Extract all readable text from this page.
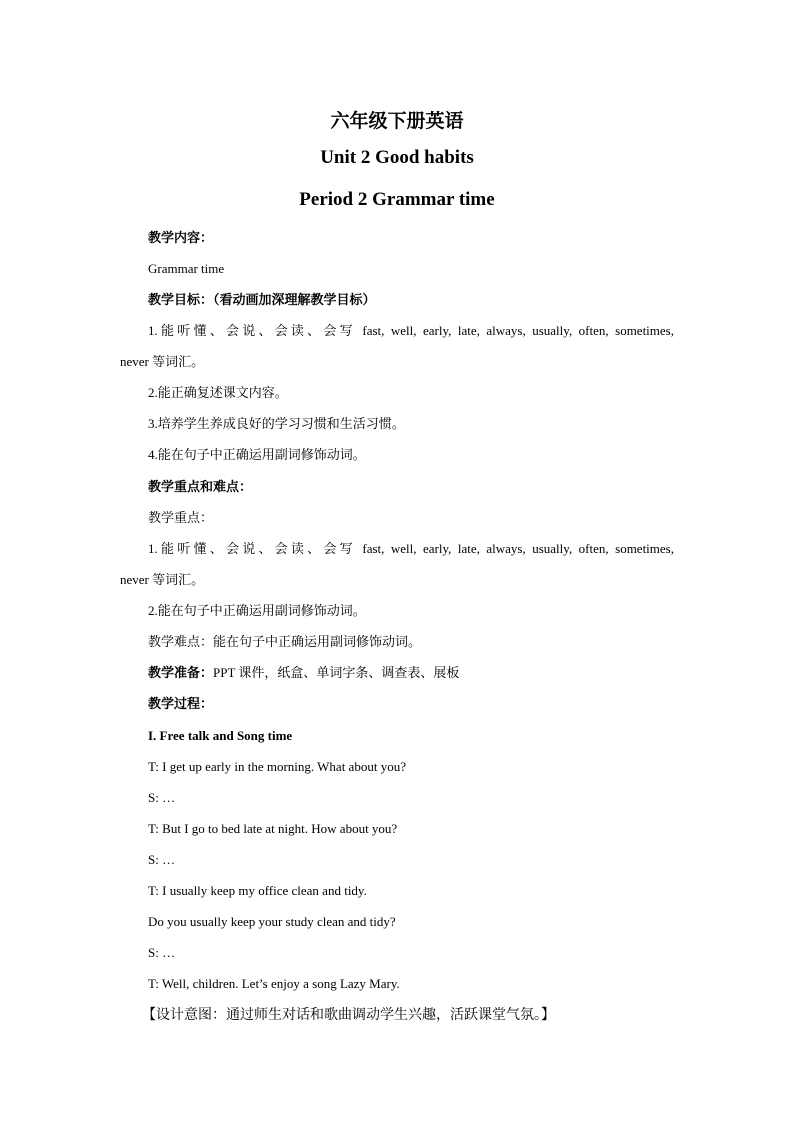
六年级下册英语
Unit 2 Good habits
Period 2 Grammar time
教学内容：
Grammar time
教学目标：（看动画加深理解教学目标）
1.能听懂、会说、会读、会写 fast, well, early, late, always, usually, often, sometimes,
never 等词汇。
2.能正确复述课文内容。
3.培养学生养成良好的学习习惯和生活习惯。
4.能在句子中正确运用副词修饰动词。
教学重点和难点：
教学重点：
1.能听懂、会说、会读、会写 fast, well, early, late, always, usually, often, sometimes,
never 等词汇。
2.能在句子中正确运用副词修饰动词。
教学难点：能在句子中正确运用副词修饰动词。
教学准备：PPT 课件，纸盒、单词字条、调查表、展板
教学过程：
I. Free talk and Song time
T: I get up early in the morning. What about you?
S: …
T: But I go to bed late at night. How about you?
S: …
T: I usually keep my office clean and tidy.
Do you usually keep your study clean and tidy?
S: …
T: Well, children. Let’s enjoy a song Lazy Mary.
【设计意图：通过师生对话和歌曲调动学生兴趣，活跃课堂气氛。】
